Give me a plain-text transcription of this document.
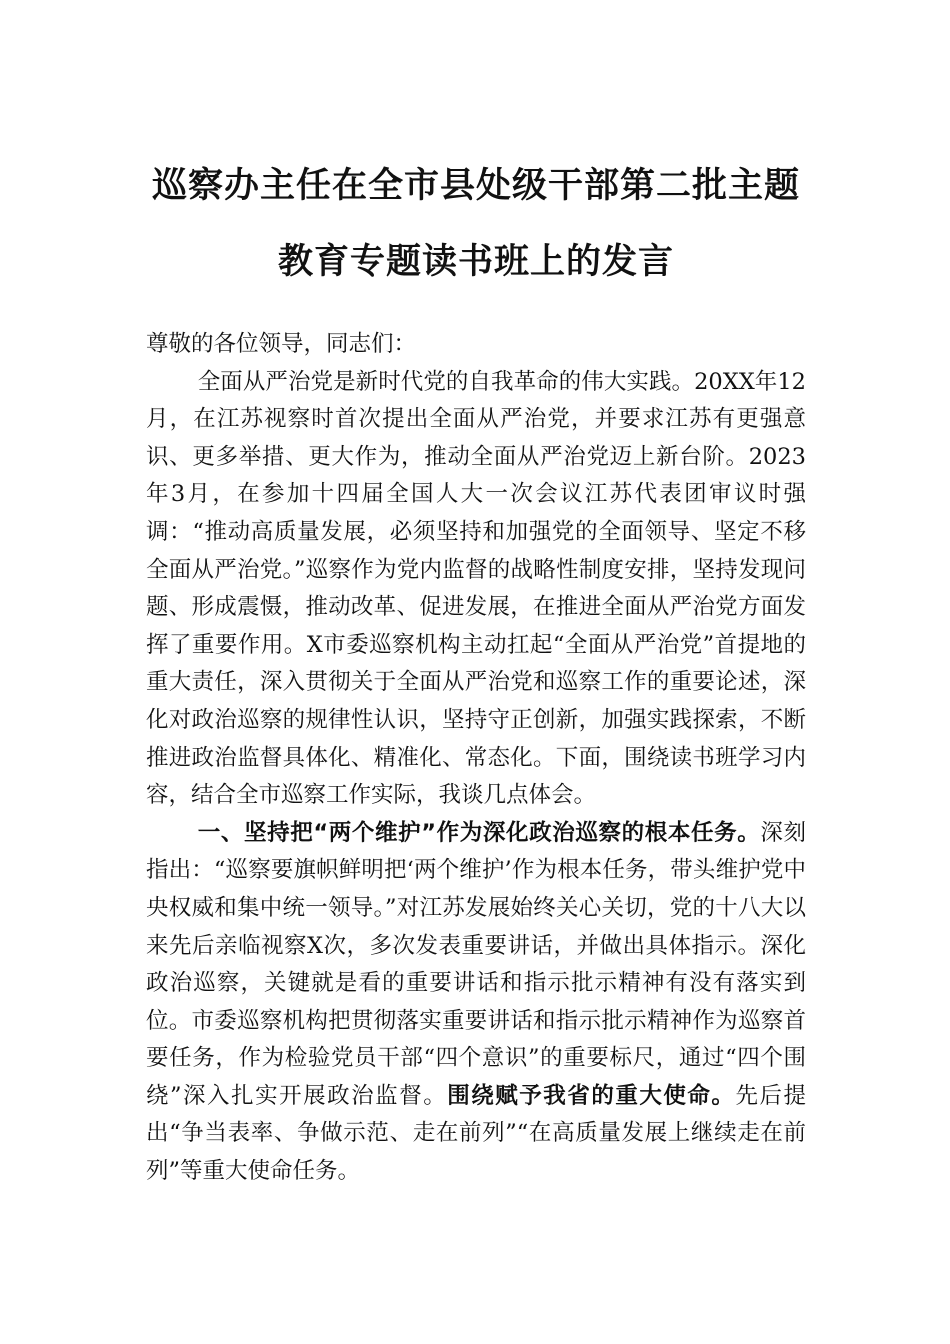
巡察办主任在全市县处级干部第二批主题
教育专题读书班上的发言

尊敬的各位领导，同志们：

全面从严治党是新时代党的自我革命的伟大实践。20XX年12月，在江苏视察时首次提出全面从严治党，并要求江苏有更强意识、更多举措、更大作为，推动全面从严治党迈上新台阶。2023年3月，在参加十四届全国人大一次会议江苏代表团审议时强调：“推动高质量发展，必须坚持和加强党的全面领导、坚定不移全面从严治党。”巡察作为党内监督的战略性制度安排，坚持发现问题、形成震慑，推动改革、促进发展，在推进全面从严治党方面发挥了重要作用。X市委巡察机构主动扛起“全面从严治党”首提地的重大责任，深入贯彻关于全面从严治党和巡察工作的重要论述，深化对政治巡察的规律性认识，坚持守正创新，加强实践探索，不断推进政治监督具体化、精准化、常态化。下面，围绕读书班学习内容，结合全市巡察工作实际，我谈几点体会。

一、坚持把“两个维护”作为深化政治巡察的根本任务。深刻指出：“巡察要旗帜鲜明把‘两个维护’作为根本任务，带头维护党中央权威和集中统一领导。”对江苏发展始终关心关切，党的十八大以来先后亲临视察X次，多次发表重要讲话，并做出具体指示。深化政治巡察，关键就是看的重要讲话和指示批示精神有没有落实到位。市委巡察机构把贯彻落实重要讲话和指示批示精神作为巡察首要任务，作为检验党员干部“四个意识”的重要标尺，通过“四个围绕”深入扎实开展政治监督。围绕赋予我省的重大使命。先后提出“争当表率、争做示范、走在前列”“在高质量发展上继续走在前列”等重大使命任务。
